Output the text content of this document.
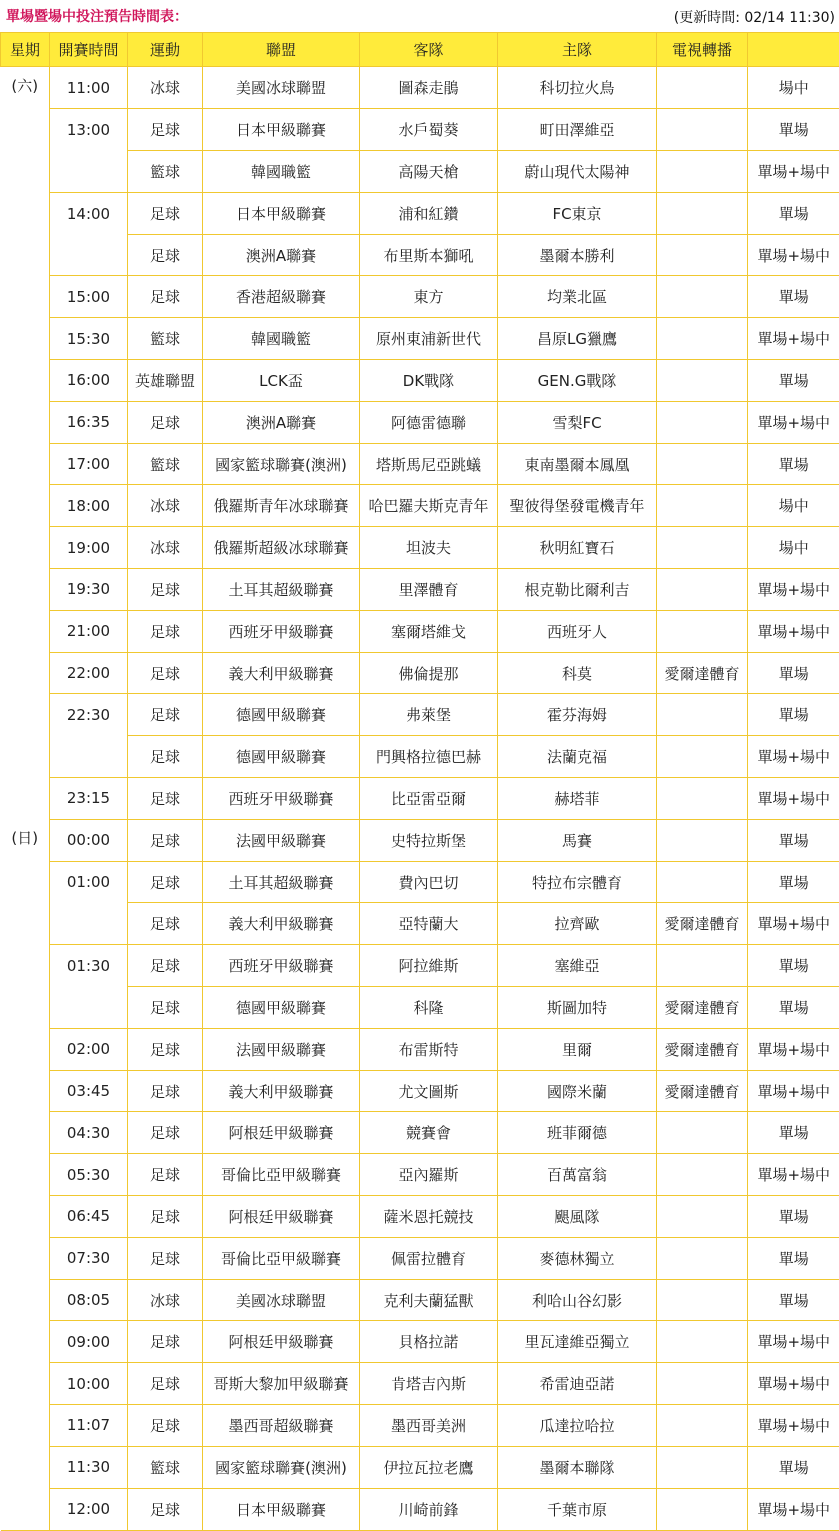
單場暨場中投注預告時間表：	(更新時間: 02/14 11:30)
星期	開賽時間	運動	聯盟	客隊	主隊	電視轉播	
(六)	11:00	冰球	美國冰球聯盟	圖森走鵑	科切拉火鳥		場中
	13:00	足球	日本甲級聯賽	水戶蜀葵	町田澤維亞		單場
		籃球	韓國職籃	高陽天槍	蔚山現代太陽神		單場+場中
	14:00	足球	日本甲級聯賽	浦和紅鑽	FC東京		單場
		足球	澳洲A聯賽	布里斯本獅吼	墨爾本勝利		單場+場中
	15:00	足球	香港超級聯賽	東方	均業北區		單場
	15:30	籃球	韓國職籃	原州東浦新世代	昌原LG獵鷹		單場+場中
	16:00	英雄聯盟	LCK盃	DK戰隊	GEN.G戰隊		單場
	16:35	足球	澳洲A聯賽	阿德雷德聯	雪梨FC		單場+場中
	17:00	籃球	國家籃球聯賽(澳洲)	塔斯馬尼亞跳蟻	東南墨爾本鳳凰		單場
	18:00	冰球	俄羅斯青年冰球聯賽	哈巴羅夫斯克青年	聖彼得堡發電機青年		場中
	19:00	冰球	俄羅斯超級冰球聯賽	坦波夫	秋明紅寶石		場中
	19:30	足球	土耳其超級聯賽	里澤體育	根克勒比爾利吉		單場+場中
	21:00	足球	西班牙甲級聯賽	塞爾塔維戈	西班牙人		單場+場中
	22:00	足球	義大利甲級聯賽	佛倫提那	科莫	愛爾達體育	單場
	22:30	足球	德國甲級聯賽	弗萊堡	霍芬海姆		單場
		足球	德國甲級聯賽	門興格拉德巴赫	法蘭克福		單場+場中
	23:15	足球	西班牙甲級聯賽	比亞雷亞爾	赫塔菲		單場+場中
(日)	00:00	足球	法國甲級聯賽	史特拉斯堡	馬賽		單場
	01:00	足球	土耳其超級聯賽	費內巴切	特拉布宗體育		單場
		足球	義大利甲級聯賽	亞特蘭大	拉齊歐	愛爾達體育	單場+場中
	01:30	足球	西班牙甲級聯賽	阿拉維斯	塞維亞		單場
		足球	德國甲級聯賽	科隆	斯圖加特	愛爾達體育	單場
	02:00	足球	法國甲級聯賽	布雷斯特	里爾	愛爾達體育	單場+場中
	03:45	足球	義大利甲級聯賽	尤文圖斯	國際米蘭	愛爾達體育	單場+場中
	04:30	足球	阿根廷甲級聯賽	競賽會	班菲爾德		單場
	05:30	足球	哥倫比亞甲級聯賽	亞內羅斯	百萬富翁		單場+場中
	06:45	足球	阿根廷甲級聯賽	薩米恩托競技	颶風隊		單場
	07:30	足球	哥倫比亞甲級聯賽	佩雷拉體育	麥德林獨立		單場
	08:05	冰球	美國冰球聯盟	克利夫蘭猛獸	利哈山谷幻影		單場
	09:00	足球	阿根廷甲級聯賽	貝格拉諾	里瓦達維亞獨立		單場+場中
	10:00	足球	哥斯大黎加甲級聯賽	肯塔吉內斯	希雷迪亞諾		單場+場中
	11:07	足球	墨西哥超級聯賽	墨西哥美洲	瓜達拉哈拉		單場+場中
	11:30	籃球	國家籃球聯賽(澳洲)	伊拉瓦拉老鷹	墨爾本聯隊		單場
	12:00	足球	日本甲級聯賽	川崎前鋒	千葉市原		單場+場中
